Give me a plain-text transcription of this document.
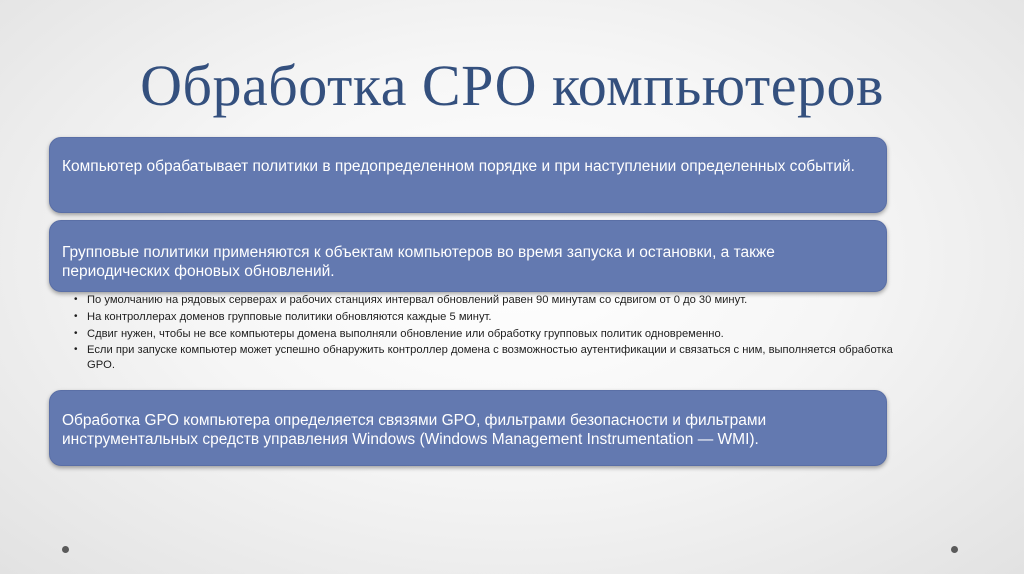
Обработка СРО компьютеров
Компьютер обрабатывает политики в предопределенном порядке и при наступлении определенных событий.
Групповые политики применяются к объектам компьютеров во время запуска и остановки, а также периодических фоновых обновлений.
• По умолчанию на рядовых серверах и рабочих станциях интервал обновлений равен 90 минутам со сдвигом от 0 до 30 минут.
• На контроллерах доменов групповые политики обновляются каждые 5 минут.
• Сдвиг нужен, чтобы не все компьютеры домена выполняли обновление или обработку групповых политик одновременно.
• Если при запуске компьютер может успешно обнаружить контроллер домена с возможностью аутентификации и связаться с ним, выполняется обработка GPO.
Обработка GPO компьютера определяется связями GPO, фильтрами безопасности и фильтрами инструментальных средств управления Windows (Windows Management Instrumentation — WMI).
